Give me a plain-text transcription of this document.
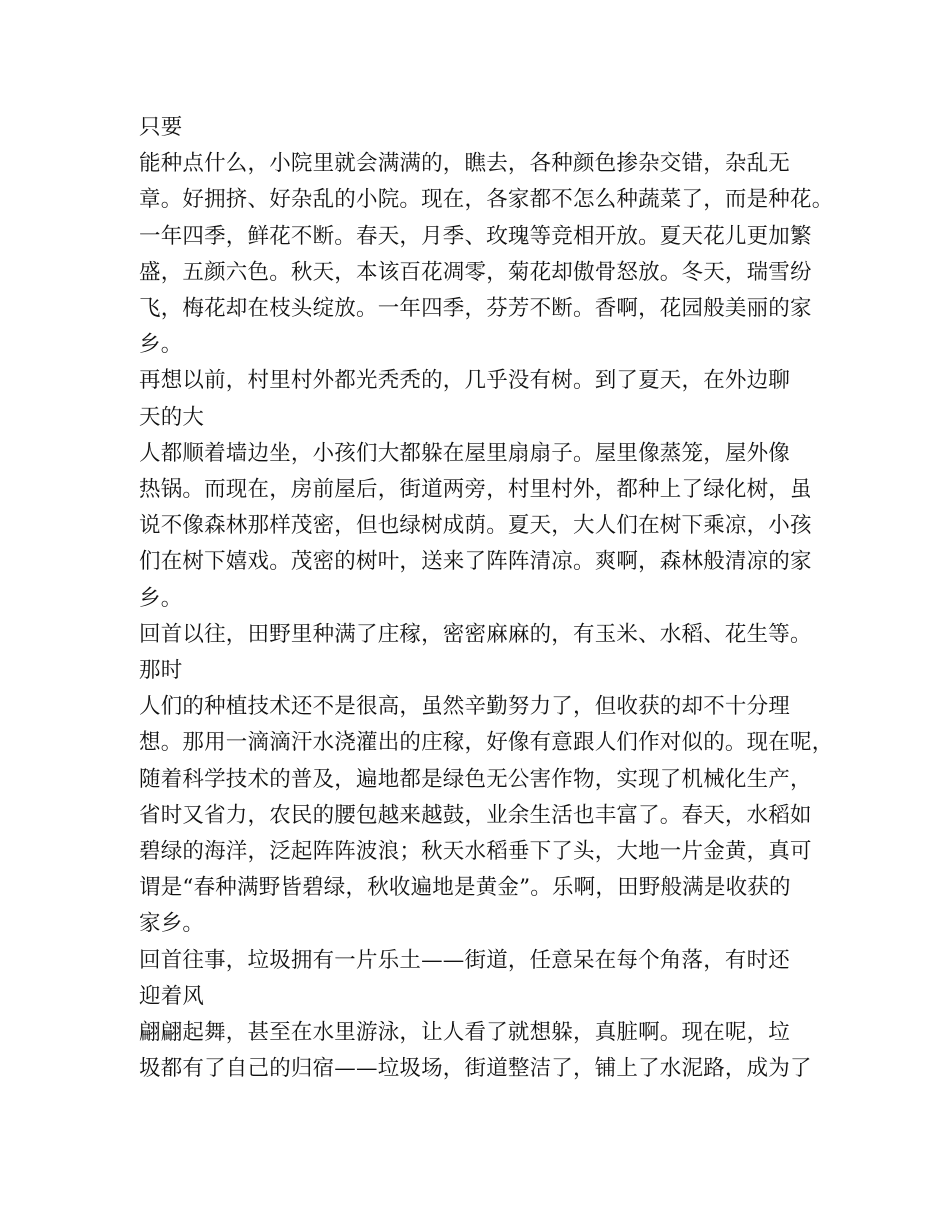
只要
能种点什么，小院里就会满满的，瞧去，各种颜色掺杂交错，杂乱无
章。好拥挤、好杂乱的小院。现在，各家都不怎么种蔬菜了，而是种花。
一年四季，鲜花不断。春天，月季、玫瑰等竞相开放。夏天花儿更加繁
盛，五颜六色。秋天，本该百花凋零，菊花却傲骨怒放。冬天，瑞雪纷
飞，梅花却在枝头绽放。一年四季，芬芳不断。香啊，花园般美丽的家
乡。
再想以前，村里村外都光秃秃的，几乎没有树。到了夏天，在外边聊
天的大
人都顺着墙边坐，小孩们大都躲在屋里扇扇子。屋里像蒸笼，屋外像
热锅。而现在，房前屋后，街道两旁，村里村外，都种上了绿化树，虽
说不像森林那样茂密，但也绿树成荫。夏天，大人们在树下乘凉，小孩
们在树下嬉戏。茂密的树叶，送来了阵阵清凉。爽啊，森林般清凉的家
乡。
回首以往，田野里种满了庄稼，密密麻麻的，有玉米、水稻、花生等。
那时
人们的种植技术还不是很高，虽然辛勤努力了，但收获的却不十分理
想。那用一滴滴汗水浇灌出的庄稼，好像有意跟人们作对似的。现在呢，
随着科学技术的普及，遍地都是绿色无公害作物，实现了机械化生产，
省时又省力，农民的腰包越来越鼓，业余生活也丰富了。春天，水稻如
碧绿的海洋，泛起阵阵波浪；秋天水稻垂下了头，大地一片金黄，真可
谓是“春种满野皆碧绿，秋收遍地是黄金”。乐啊，田野般满是收获的
家乡。
回首往事，垃圾拥有一片乐土——街道，任意呆在每个角落，有时还
迎着风
翩翩起舞，甚至在水里游泳，让人看了就想躲，真脏啊。现在呢，垃
圾都有了自己的归宿——垃圾场，街道整洁了，铺上了水泥路，成为了
